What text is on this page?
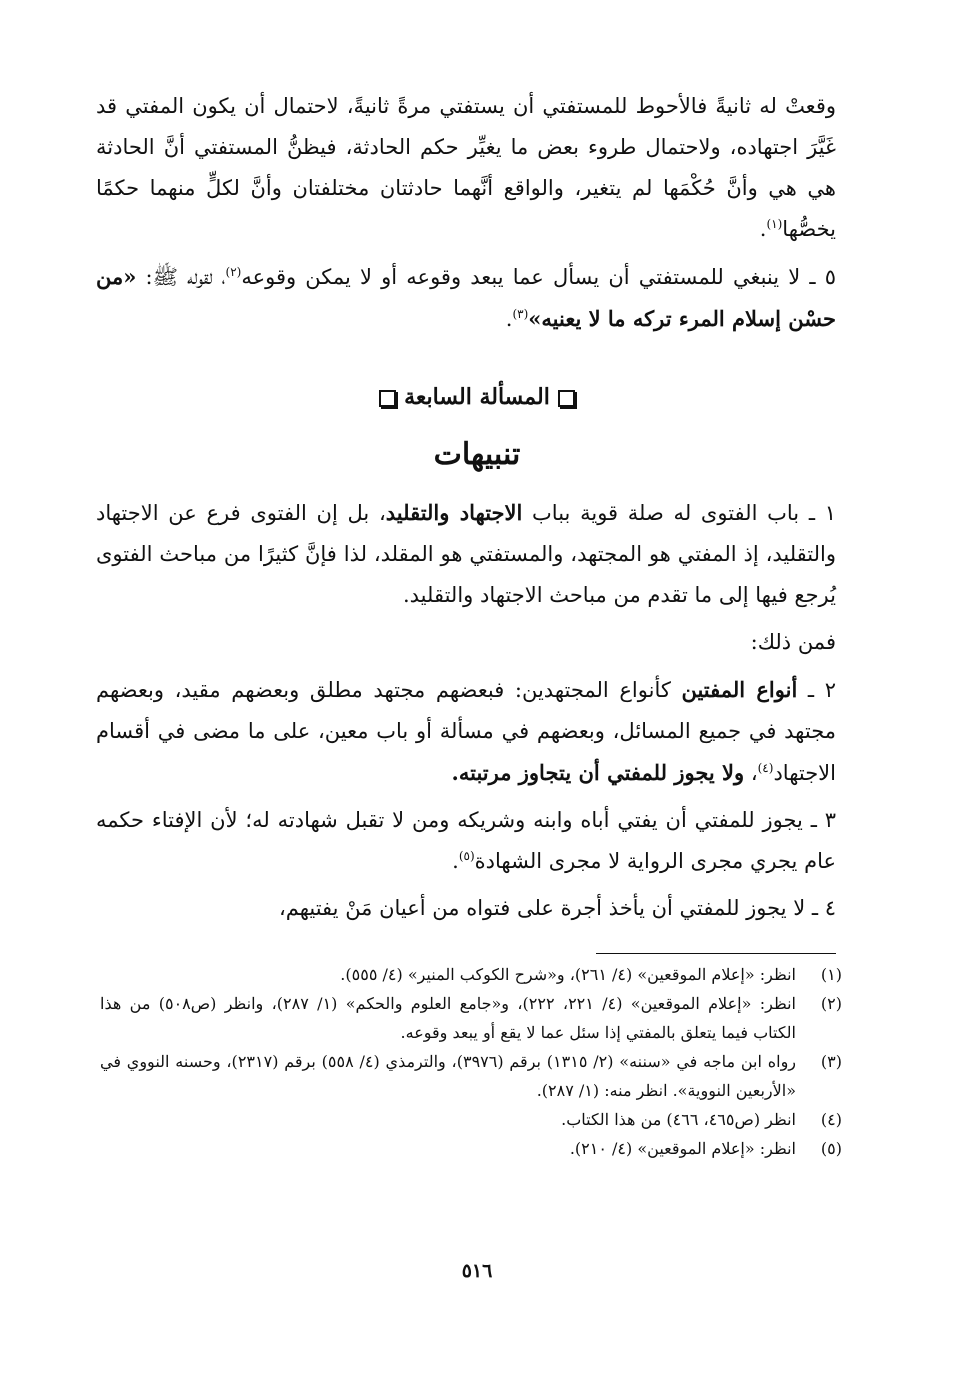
وقعتْ له ثانيةً فالأحوط للمستفتي أن يستفتي مرةً ثانيةً، لاحتمال أن يكون المفتي قد غَيَّرَ اجتهاده، ولاحتمال طروء بعض ما يغيِّر حكم الحادثة، فيظنُّ المستفتي أنَّ الحادثة هي هي وأنَّ حُكْمَها لم يتغير، والواقع أنَّهما حادثتان مختلفتان وأنَّ لكلٍّ منهما حكمًا يخصُّها$^{(١)}$.

٥ ـ لا ينبغي للمستفتي أن يسأل عما يبعد وقوعه أو لا يمكن وقوعه$^{(٢)}$، لقوله ﷺ: «من حسْن إسلام المرء تركه ما لا يعنيه»$^{(٣)}$.

المسألة السابعة
تنبيهات

١ ـ باب الفتوى له صلة قوية بباب الاجتهاد والتقليد، بل إن الفتوى فرع عن الاجتهاد والتقليد، إذ المفتي هو المجتهد، والمستفتي هو المقلد، لذا فإنَّ كثيرًا من مباحث الفتوى يُرجع فيها إلى ما تقدم من مباحث الاجتهاد والتقليد.

فمن ذلك:

٢ ـ أنواع المفتين كأنواع المجتهدين: فبعضهم مجتهد مطلق وبعضهم مقيد، وبعضهم مجتهد في جميع المسائل، وبعضهم في مسألة أو باب معين، على ما مضى في أقسام الاجتهاد$^{(٤)}$، ولا يجوز للمفتي أن يتجاوز مرتبته.

٣ ـ يجوز للمفتي أن يفتي أباه وابنه وشريكه ومن لا تقبل شهادته له؛ لأن الإفتاء حكمه عام يجري مجرى الرواية لا مجرى الشهادة$^{(٥)}$.

٤ ـ لا يجوز للمفتي أن يأخذ أجرة على فتواه من أعيان مَنْ يفتيهم،

(١)
انظر: «إعلام الموقعين» (٤/ ٢٦١)، و«شرح الكوكب المنير» (٤/ ٥٥٥).
(٢)
انظر: «إعلام الموقعين» (٤/ ٢٢١، ٢٢٢)، و«جامع العلوم والحكم» (١/ ٢٨٧)، وانظر (ص٥٠٨) من هذا الكتاب فيما يتعلق بالمفتي إذا سئل عما لا يقع أو يبعد وقوعه.
(٣)
رواه ابن ماجه في «سننه» (٢/ ١٣١٥) برقم (٣٩٧٦)، والترمذي (٤/ ٥٥٨) برقم (٢٣١٧)، وحسنه النووي في «الأربعين النووية». انظر منه: (١/ ٢٨٧).
(٤)
انظر (ص٤٦٥، ٤٦٦) من هذا الكتاب.
(٥)
انظر: «إعلام الموقعين» (٤/ ٢١٠).
٥١٦
